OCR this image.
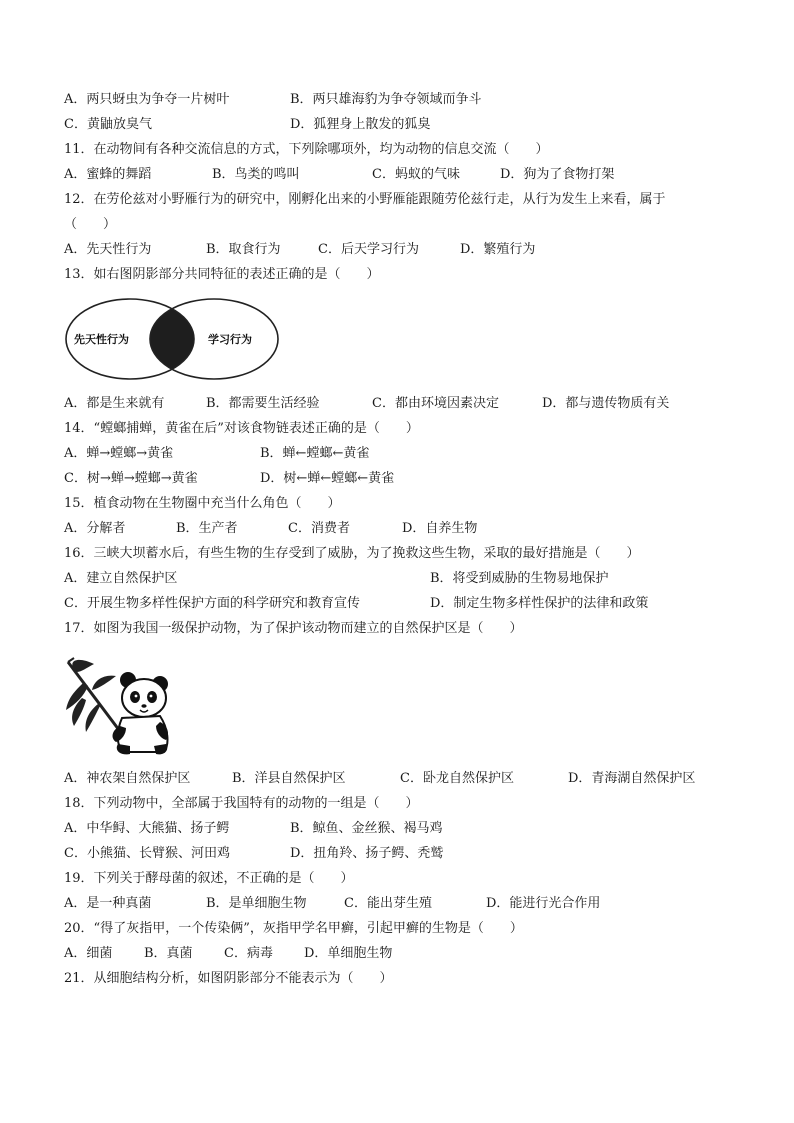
A．两只蚜虫为争夺一片树叶	B．两只雄海豹为争夺领域而争斗
C．黄鼬放臭气	D．狐狸身上散发的狐臭
11．在动物间有各种交流信息的方式，下列除哪项外，均为动物的信息交流（　　）
A．蜜蜂的舞蹈	B．鸟类的鸣叫	C．蚂蚁的气味	D．狗为了食物打架
12．在劳伦兹对小野雁行为的研究中，刚孵化出来的小野雁能跟随劳伦兹行走，从行为发生上来看，属于
（　　）
A．先天性行为	B．取食行为	C．后天学习行为	D．繁殖行为
13．如右图阴影部分共同特征的表述正确的是（　　）
先天性行为	学习行为
A．都是生来就有	B．都需要生活经验	C．都由环境因素决定	D．都与遗传物质有关
14．“螳螂捕蝉，黄雀在后”对该食物链表述正确的是（　　）
A．蝉→螳螂→黄雀	B．蝉←螳螂←黄雀
C．树→蝉→螳螂→黄雀	D．树←蝉←螳螂←黄雀
15．植食动物在生物圈中充当什么角色（　　）
A．分解者	B．生产者	C．消费者	D．自养生物
16．三峡大坝蓄水后，有些生物的生存受到了威胁，为了挽救这些生物，采取的最好措施是（　　）
A．建立自然保护区	B．将受到威胁的生物易地保护
C．开展生物多样性保护方面的科学研究和教育宣传	D．制定生物多样性保护的法律和政策
17．如图为我国一级保护动物，为了保护该动物而建立的自然保护区是（　　）
A．神农架自然保护区	B．洋县自然保护区	C．卧龙自然保护区	D．青海湖自然保护区
18．下列动物中，全部属于我国特有的动物的一组是（　　）
A．中华鲟、大熊猫、扬子鳄	B．鲸鱼、金丝猴、褐马鸡
C．小熊猫、长臂猴、河田鸡	D．扭角羚、扬子鳄、秃鹫
19．下列关于酵母菌的叙述，不正确的是（　　）
A．是一种真菌	B．是单细胞生物	C．能出芽生殖	D．能进行光合作用
20．“得了灰指甲，一个传染俩”，灰指甲学名甲癣，引起甲癣的生物是（　　）
A．细菌 B．真菌 C．病毒 D．单细胞生物
21．从细胞结构分析，如图阴影部分不能表示为（　　）
